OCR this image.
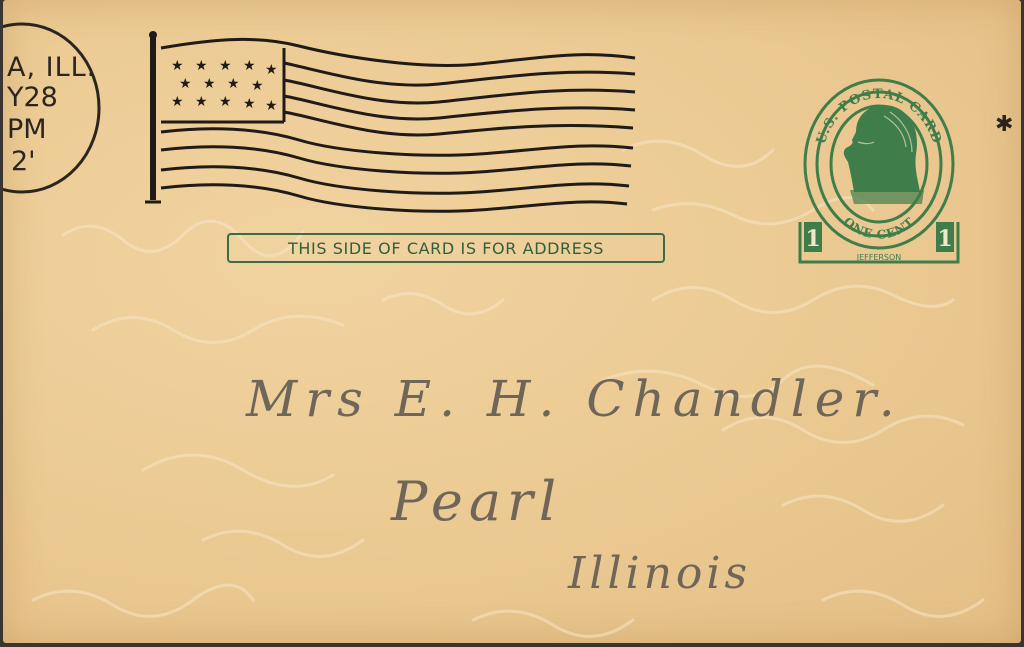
A, ILL.
Y28
PM
2'
★ ★ ★ ★ ★
★ ★ ★ ★
★ ★ ★ ★ ★
THIS SIDE OF CARD IS FOR ADDRESS
U.S. POSTAL CARD
ONE CENT
1	1
JEFFERSON
✱
Mrs E. H. Chandler.
Pearl
Illinois
